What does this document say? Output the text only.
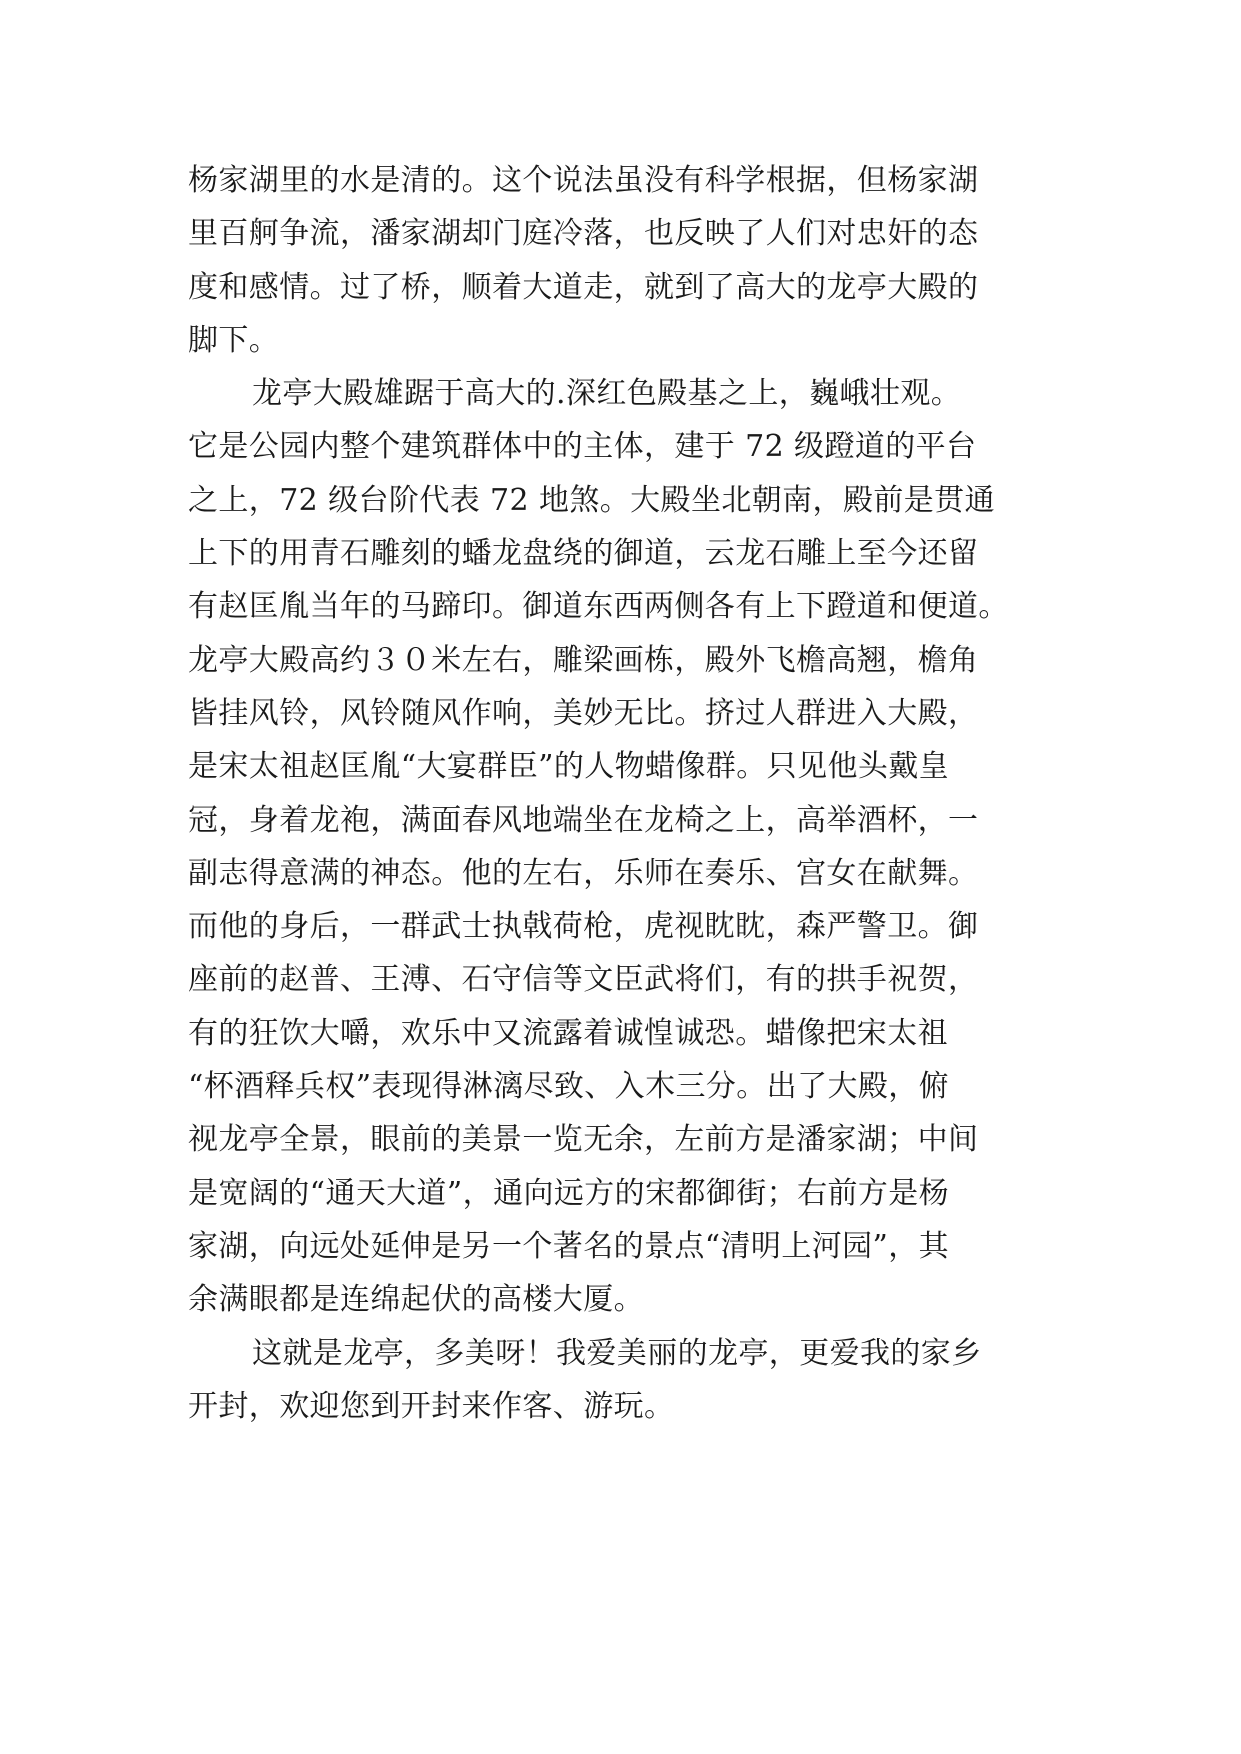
杨家湖里的水是清的。这个说法虽没有科学根据，但杨家湖
里百舸争流，潘家湖却门庭冷落，也反映了人们对忠奸的态
度和感情。过了桥，顺着大道走，就到了高大的龙亭大殿的
脚下。
龙亭大殿雄踞于高大的.深红色殿基之上，巍峨壮观。
它是公园内整个建筑群体中的主体，建于 72 级蹬道的平台
之上，72 级台阶代表 72 地煞。大殿坐北朝南，殿前是贯通
上下的用青石雕刻的蟠龙盘绕的御道，云龙石雕上至今还留
有赵匡胤当年的马蹄印。御道东西两侧各有上下蹬道和便道。
龙亭大殿高约３０米左右，雕梁画栋，殿外飞檐高翘，檐角
皆挂风铃，风铃随风作响，美妙无比。挤过人群进入大殿，
是宋太祖赵匡胤“大宴群臣”的人物蜡像群。只见他头戴皇
冠，身着龙袍，满面春风地端坐在龙椅之上，高举酒杯，一
副志得意满的神态。他的左右，乐师在奏乐、宫女在献舞。
而他的身后，一群武士执戟荷枪，虎视眈眈，森严警卫。御
座前的赵普、王溥、石守信等文臣武将们，有的拱手祝贺，
有的狂饮大嚼，欢乐中又流露着诚惶诚恐。蜡像把宋太祖
“杯酒释兵权”表现得淋漓尽致、入木三分。出了大殿，俯
视龙亭全景，眼前的美景一览无余，左前方是潘家湖；中间
是宽阔的“通天大道”，通向远方的宋都御街；右前方是杨
家湖，向远处延伸是另一个著名的景点“清明上河园”，其
余满眼都是连绵起伏的高楼大厦。
这就是龙亭，多美呀！我爱美丽的龙亭，更爱我的家乡
开封，欢迎您到开封来作客、游玩。
